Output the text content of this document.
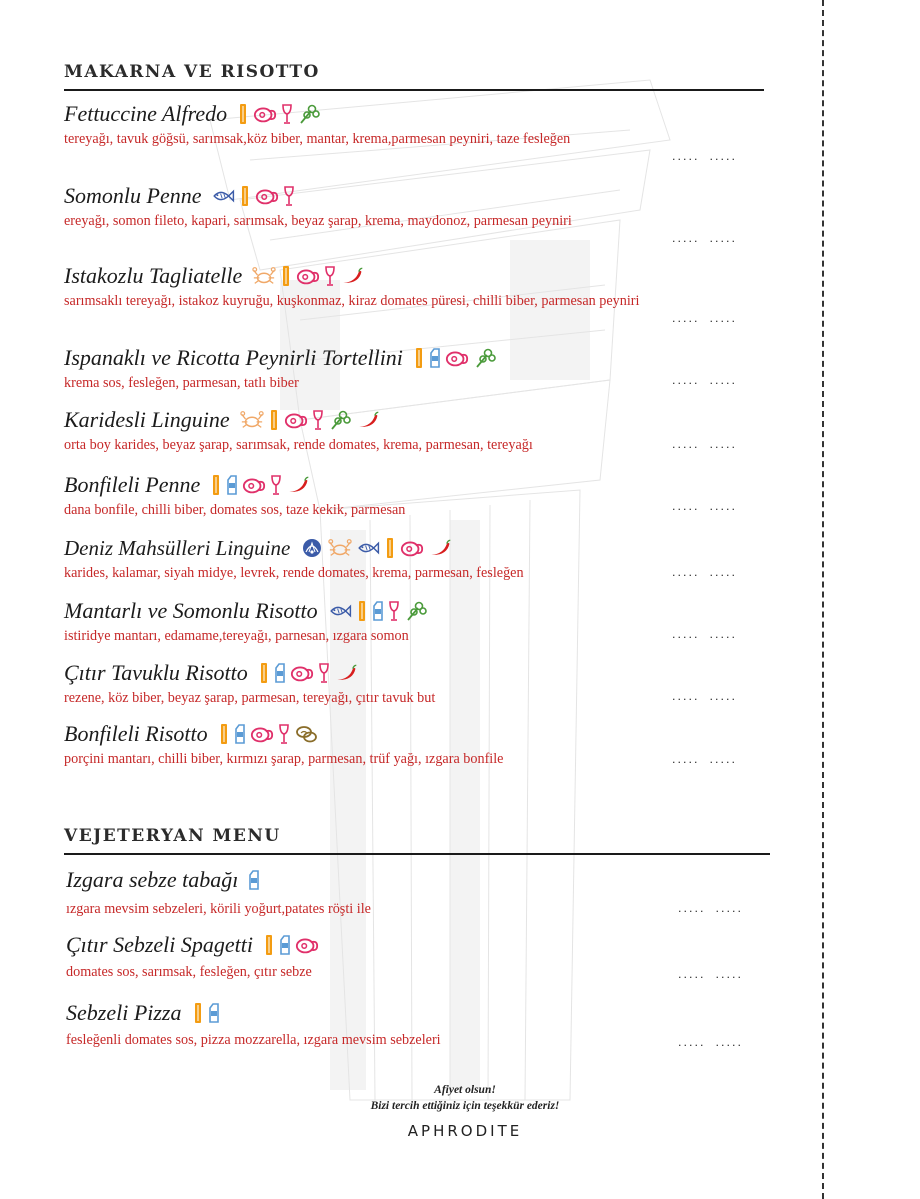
MAKARNA VE RISOTTO
VEJETERYAN MENU
Fettuccine Alfredo
tereyağı, tavuk göğsü, sarımsak,köz biber, mantar, krema,parmesan peyniri, taze fesleğen
..... .....
Somonlu Penne
ereyağı, somon fileto, kapari, sarımsak, beyaz şarap, krema, maydonoz, parmesan peyniri
..... .....
Istakozlu Tagliatelle
sarımsaklı tereyağı, istakoz kuyruğu, kuşkonmaz, kiraz domates püresi, chilli biber, parmesan peyniri
..... .....
Ispanaklı ve Ricotta Peynirli Tortellini
krema sos, fesleğen, parmesan, tatlı biber	..... .....
Karidesli Linguine
orta boy karides, beyaz şarap, sarımsak, rende domates, krema, parmesan, tereyağı	..... .....
Bonfileli Penne
dana bonfile, chilli biber, domates sos, taze kekik, parmesan	..... .....
Deniz Mahsülleri Linguine
karides, kalamar, siyah midye, levrek, rende domates, krema, parmesan, fesleğen	..... .....
Mantarlı ve Somonlu Risotto
istiridye mantarı, edamame,tereyağı, parnesan, ızgara somon	..... .....
Çıtır Tavuklu Risotto
rezene, köz biber, beyaz şarap, parmesan, tereyağı, çıtır tavuk but	..... .....
Bonfileli Risotto
porçini mantarı, chilli biber, kırmızı şarap, parmesan, trüf yağı, ızgara bonfile	..... .....
Izgara sebze tabağı
ızgara mevsim sebzeleri, körili yoğurt,patates röşti ile	..... .....
Çıtır Sebzeli Spagetti
domates sos, sarımsak, fesleğen, çıtır sebze	..... .....
Sebzeli Pizza
fesleğenli domates sos, pizza mozzarella, ızgara mevsim sebzeleri	..... .....
Afiyet olsun!
Bizi tercih ettiğiniz için teşekkür ederiz!
APHRODITE
